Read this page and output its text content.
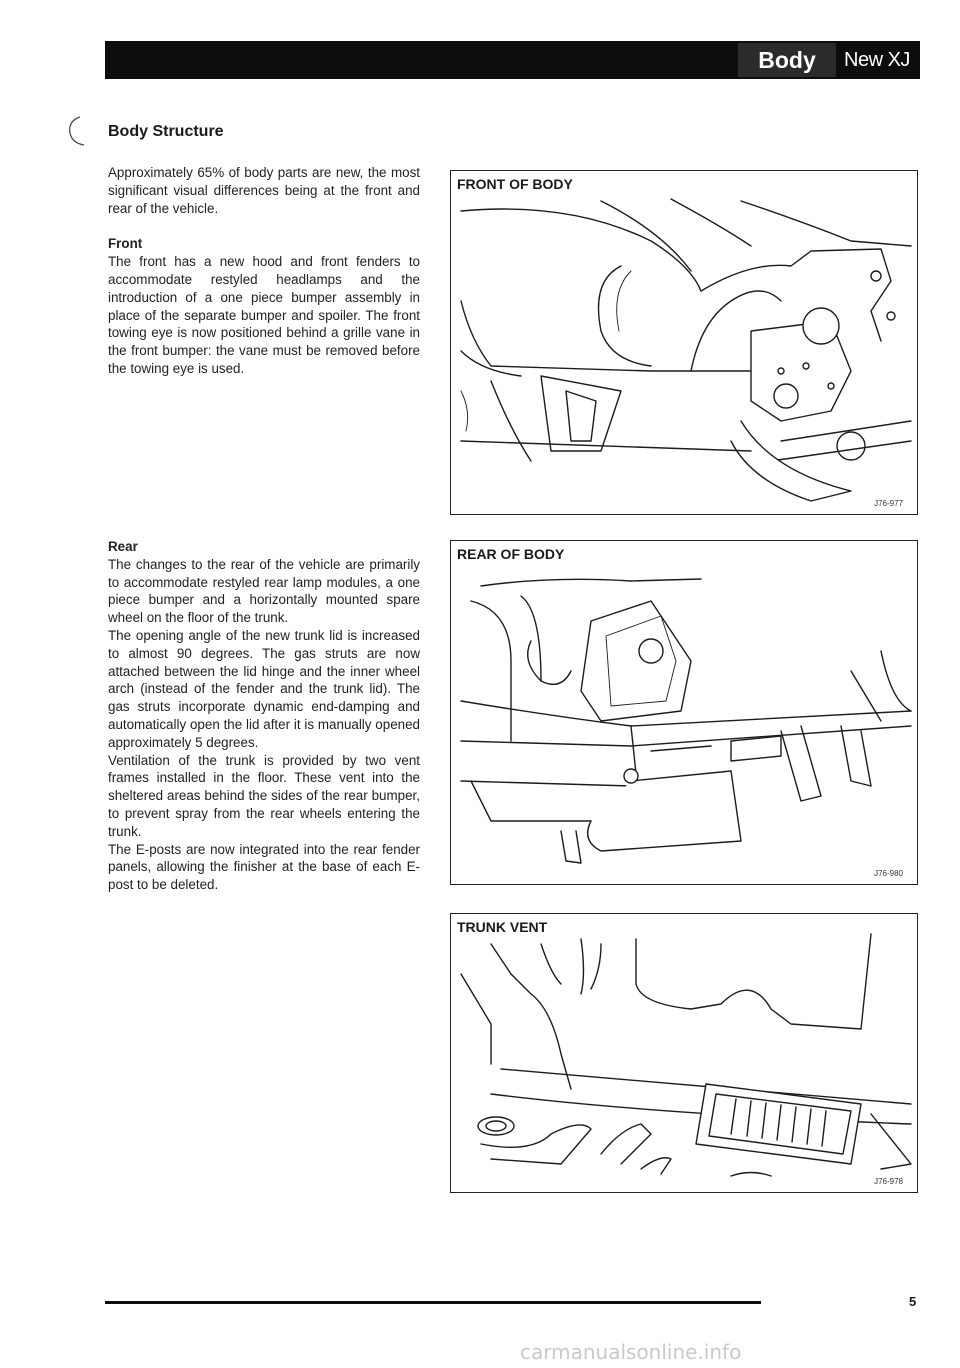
Body	New XJ Series
Body Structure

Approximately 65% of body parts are new, the most significant visual differences being at the front and rear of the vehicle.

Front
The front has a new hood and front fenders to accommodate restyled headlamps and the introduction of a one piece bumper assembly in place of the separate bumper and spoiler. The front towing eye is now positioned behind a grille vane in the front bumper: the vane must be removed before the towing eye is used.

Rear

The changes to the rear of the vehicle are primarily to accommodate restyled rear lamp modules, a one piece bumper and a horizontally mounted spare wheel on the floor of the trunk.

The opening angle of the new trunk lid is increased to almost 90 degrees. The gas struts are now attached between the lid hinge and the inner wheel arch (instead of the fender and the trunk lid). The gas struts incorporate dynamic end-damping and automatically open the lid after it is manually opened approximately 5 degrees.

Ventilation of the trunk is provided by two vent frames installed in the floor. These vent into the sheltered areas behind the sides of the rear bumper, to prevent spray from the rear wheels entering the trunk.

The E-posts are now integrated into the rear fender panels, allowing the finisher at the base of each E-post to be deleted.

FRONT OF BODY
J76-977
REAR OF BODY
J76-980
TRUNK VENT
J76-978
5
carmanualsonline.info
